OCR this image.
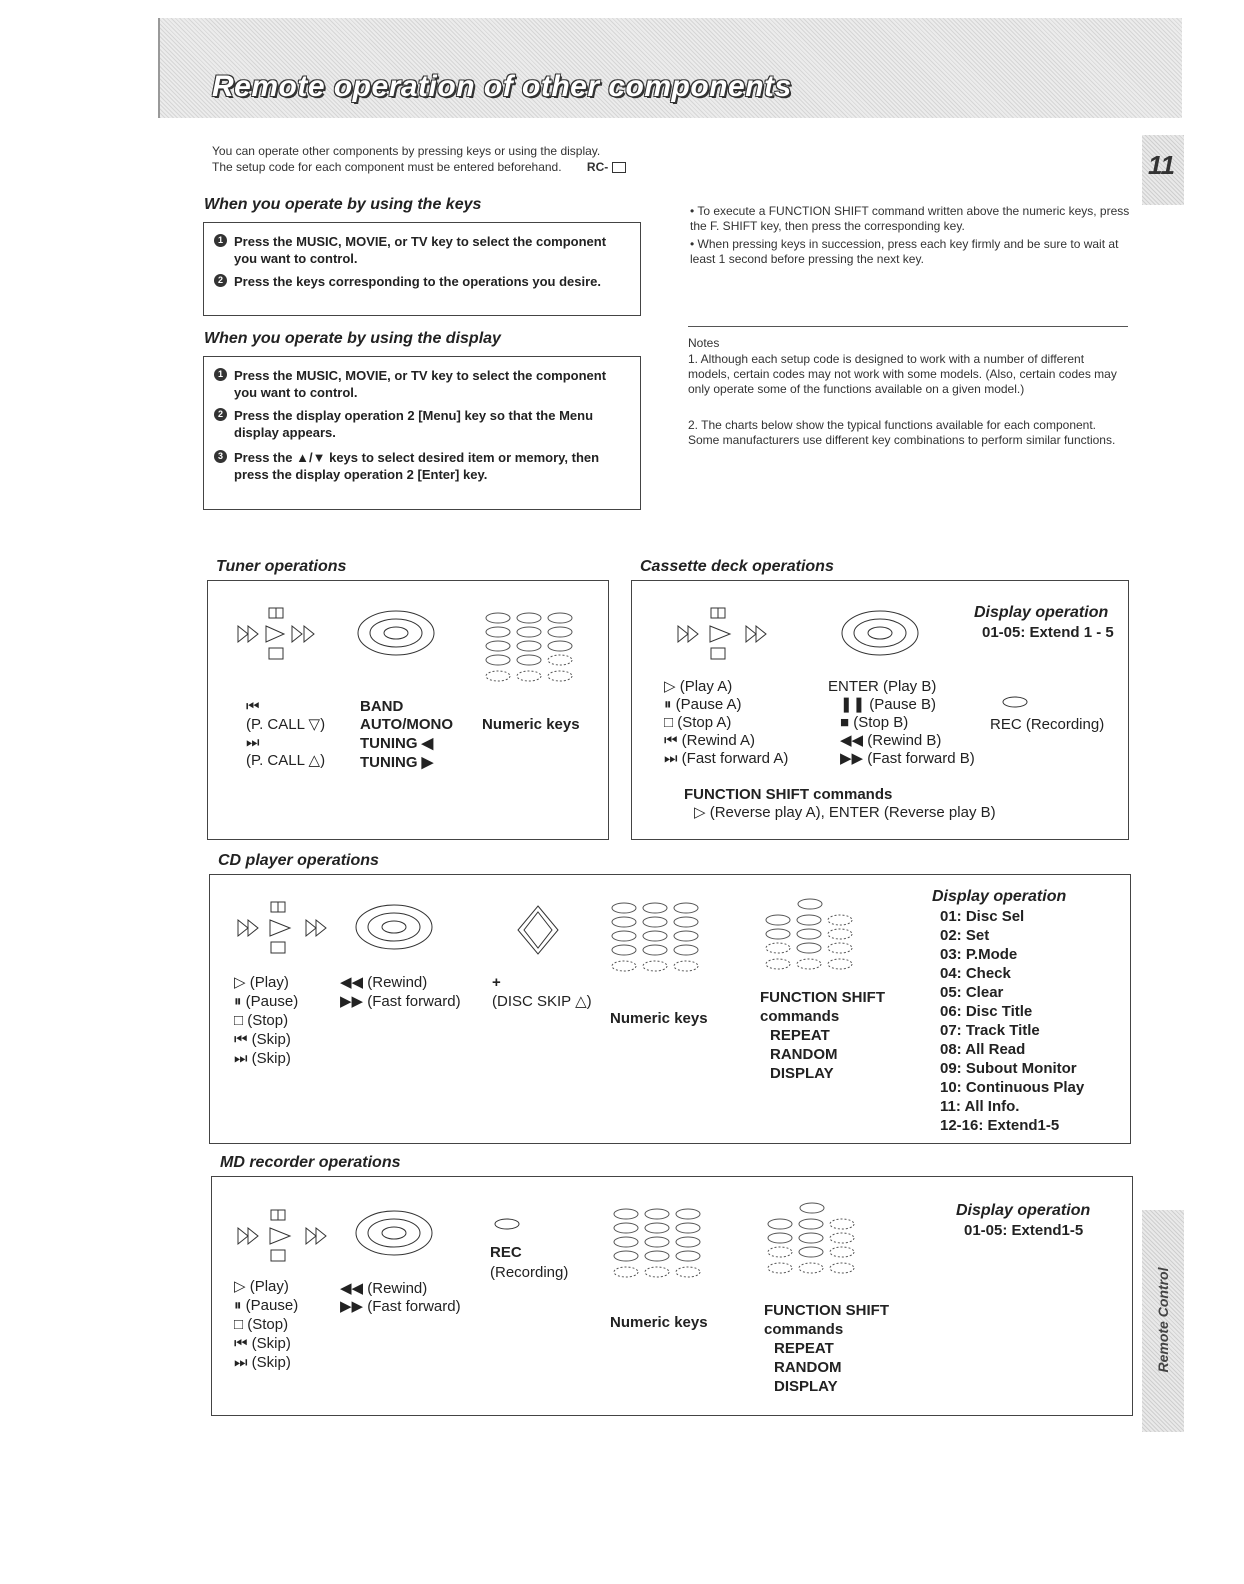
Remote operation of other components
11
Remote Control
You can operate other components by pressing keys or using the display.
The setup code for each component must be entered beforehand. RC-
When you operate by using the keys
1 Press the MUSIC, MOVIE, or TV key to select the component you want to control.
2 Press the keys corresponding to the operations you desire.
When you operate by using the display
1 Press the MUSIC, MOVIE, or TV key to select the component you want to control.
2 Press the display operation 2 [Menu] key so that the Menu display appears.
3 Press the ▲/▼ keys to select desired item or memory, then press the display operation 2 [Enter] key.
• To execute a FUNCTION SHIFT command written above the numeric keys, press the F. SHIFT key, then press the corresponding key.
• When pressing keys in succession, press each key firmly and be sure to wait at least 1 second before pressing the next key.
Notes
1. Although each setup code is designed to work with a number of different models, certain codes may not work with some models. (Also, certain codes may only operate some of the functions available on a given model.)
2. The charts below show the typical functions available for each component. Some manufacturers use different key combinations to perform similar functions.
Tuner operations
⏮
(P. CALL ▽)
⏭
(P. CALL △)
BAND
AUTO/MONO
TUNING ◀
TUNING ▶
Numeric keys
Cassette deck operations
Display operation
01-05: Extend 1 - 5
▷ (Play A)
⏸ (Pause A)
□ (Stop A)
⏮ (Rewind A)
⏭ (Fast forward A)
ENTER (Play B)
❚❚ (Pause B)
■ (Stop B)
◀◀ (Rewind B)
▶▶ (Fast forward B)
REC (Recording)
FUNCTION SHIFT commands
▷ (Reverse play A), ENTER (Reverse play B)
CD player operations
▷ (Play)
⏸ (Pause)
□ (Stop)
⏮ (Skip)
⏭ (Skip)
◀◀ (Rewind)
▶▶ (Fast forward)
+
(DISC SKIP △)
Numeric keys
FUNCTION SHIFT
commands
REPEAT
RANDOM
DISPLAY
Display operation
01: Disc Sel
02: Set
03: P.Mode
04: Check
05: Clear
06: Disc Title
07: Track Title
08: All Read
09: Subout Monitor
10: Continuous Play
11: All Info.
12-16: Extend1-5
MD recorder operations
REC
(Recording)
▷ (Play)
⏸ (Pause)
□ (Stop)
⏮ (Skip)
⏭ (Skip)
◀◀ (Rewind)
▶▶ (Fast forward)
Numeric keys
FUNCTION SHIFT
commands
REPEAT
RANDOM
DISPLAY
Display operation
01-05: Extend1-5
